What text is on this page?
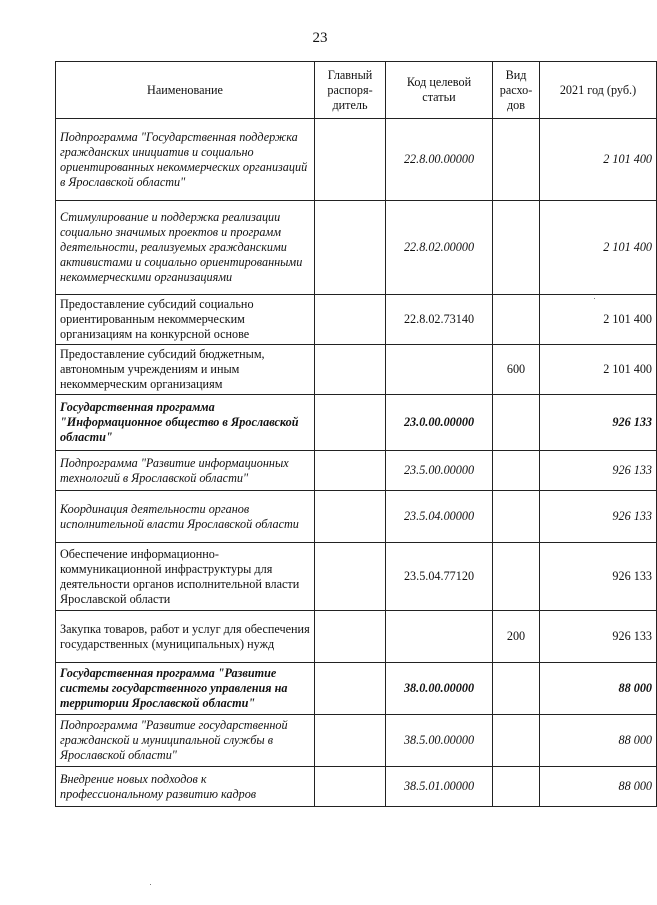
23
Наименование	Главный распоря-дитель	Код целевой статьи	Вид расхо-дов	2021 год (руб.)
Подпрограмма "Государственная поддержка гражданских инициатив и социально ориентированных некоммерческих организаций в Ярославской области"		22.8.00.00000		2 101 400
Стимулирование и поддержка реализации социально значимых проектов и программ деятельности, реализуемых гражданскими активистами и социально ориентированными некоммерческими организациями		22.8.02.00000		2 101 400
Предоставление субсидий социально ориентированным некоммерческим организациям на конкурсной основе		22.8.02.73140		2 101 400
Предоставление субсидий бюджетным, автономным учреждениям и иным некоммерческим организациям			600	2 101 400
Государственная программа "Информационное общество в Ярославской области"		23.0.00.00000		926 133
Подпрограмма "Развитие информационных технологий в Ярославской области"		23.5.00.00000		926 133
Координация деятельности органов исполнительной власти Ярославской области		23.5.04.00000		926 133
Обеспечение информационно-коммуникационной инфраструктуры для деятельности органов исполнительной власти Ярославской области		23.5.04.77120		926 133
Закупка товаров, работ и услуг для обеспечения государственных (муниципальных) нужд			200	926 133
Государственная программа "Развитие системы государственного управления на территории Ярославской области"		38.0.00.00000		88 000
Подпрограмма "Развитие государственной гражданской и муниципальной службы в Ярославской области"		38.5.00.00000		88 000
Внедрение новых подходов к профессиональному развитию кадров		38.5.01.00000		88 000
